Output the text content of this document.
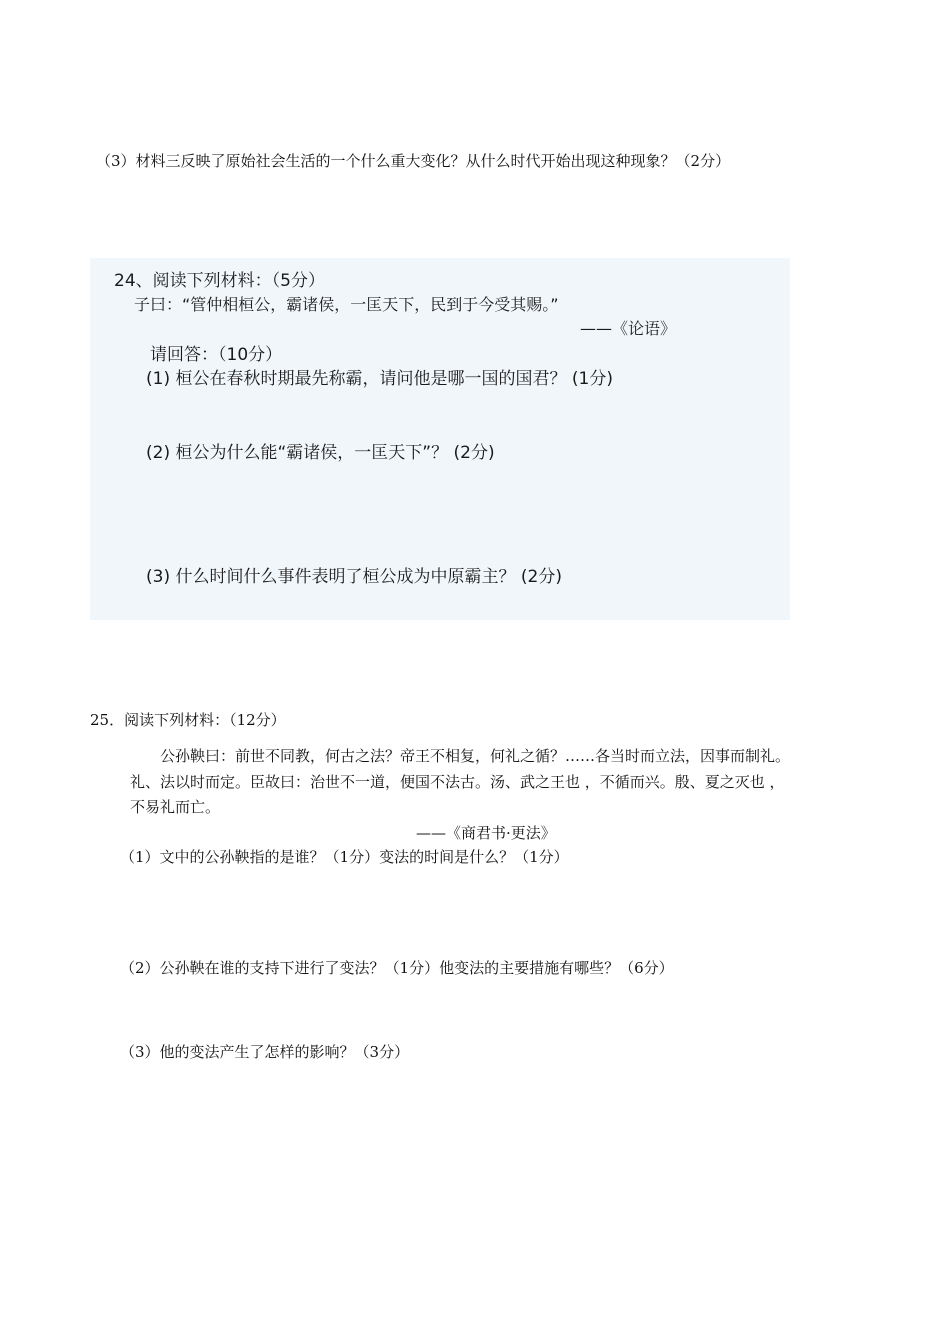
（3）材料三反映了原始社会生活的一个什么重大变化？从什么时代开始出现这种现象？（2分）
24、阅读下列材料：（5分）
子曰：“管仲相桓公，霸诸侯，一匡天下，民到于今受其赐。”
——《论语》
请回答：（10分）
(1) 桓公在春秋时期最先称霸，请问他是哪一国的国君？ (1分)
(2) 桓公为什么能“霸诸侯，一匡天下”？ (2分)
(3) 什么时间什么事件表明了桓公成为中原霸主？ (2分)
25．阅读下列材料：（12分）
公孙鞅曰：前世不同教，何古之法？帝王不相复，何礼之循？……各当时而立法，因事而制礼。
礼、法以时而定。臣故曰：治世不一道，便国不法古。汤、武之王也 ，不循而兴。殷、夏之灭也 ，
不易礼而亡。
——《商君书·更法》
（1）文中的公孙鞅指的是谁？（1分）变法的时间是什么？（1分）
（2）公孙鞅在谁的支持下进行了变法？（1分）他变法的主要措施有哪些？（6分）
（3）他的变法产生了怎样的影响？（3分）
